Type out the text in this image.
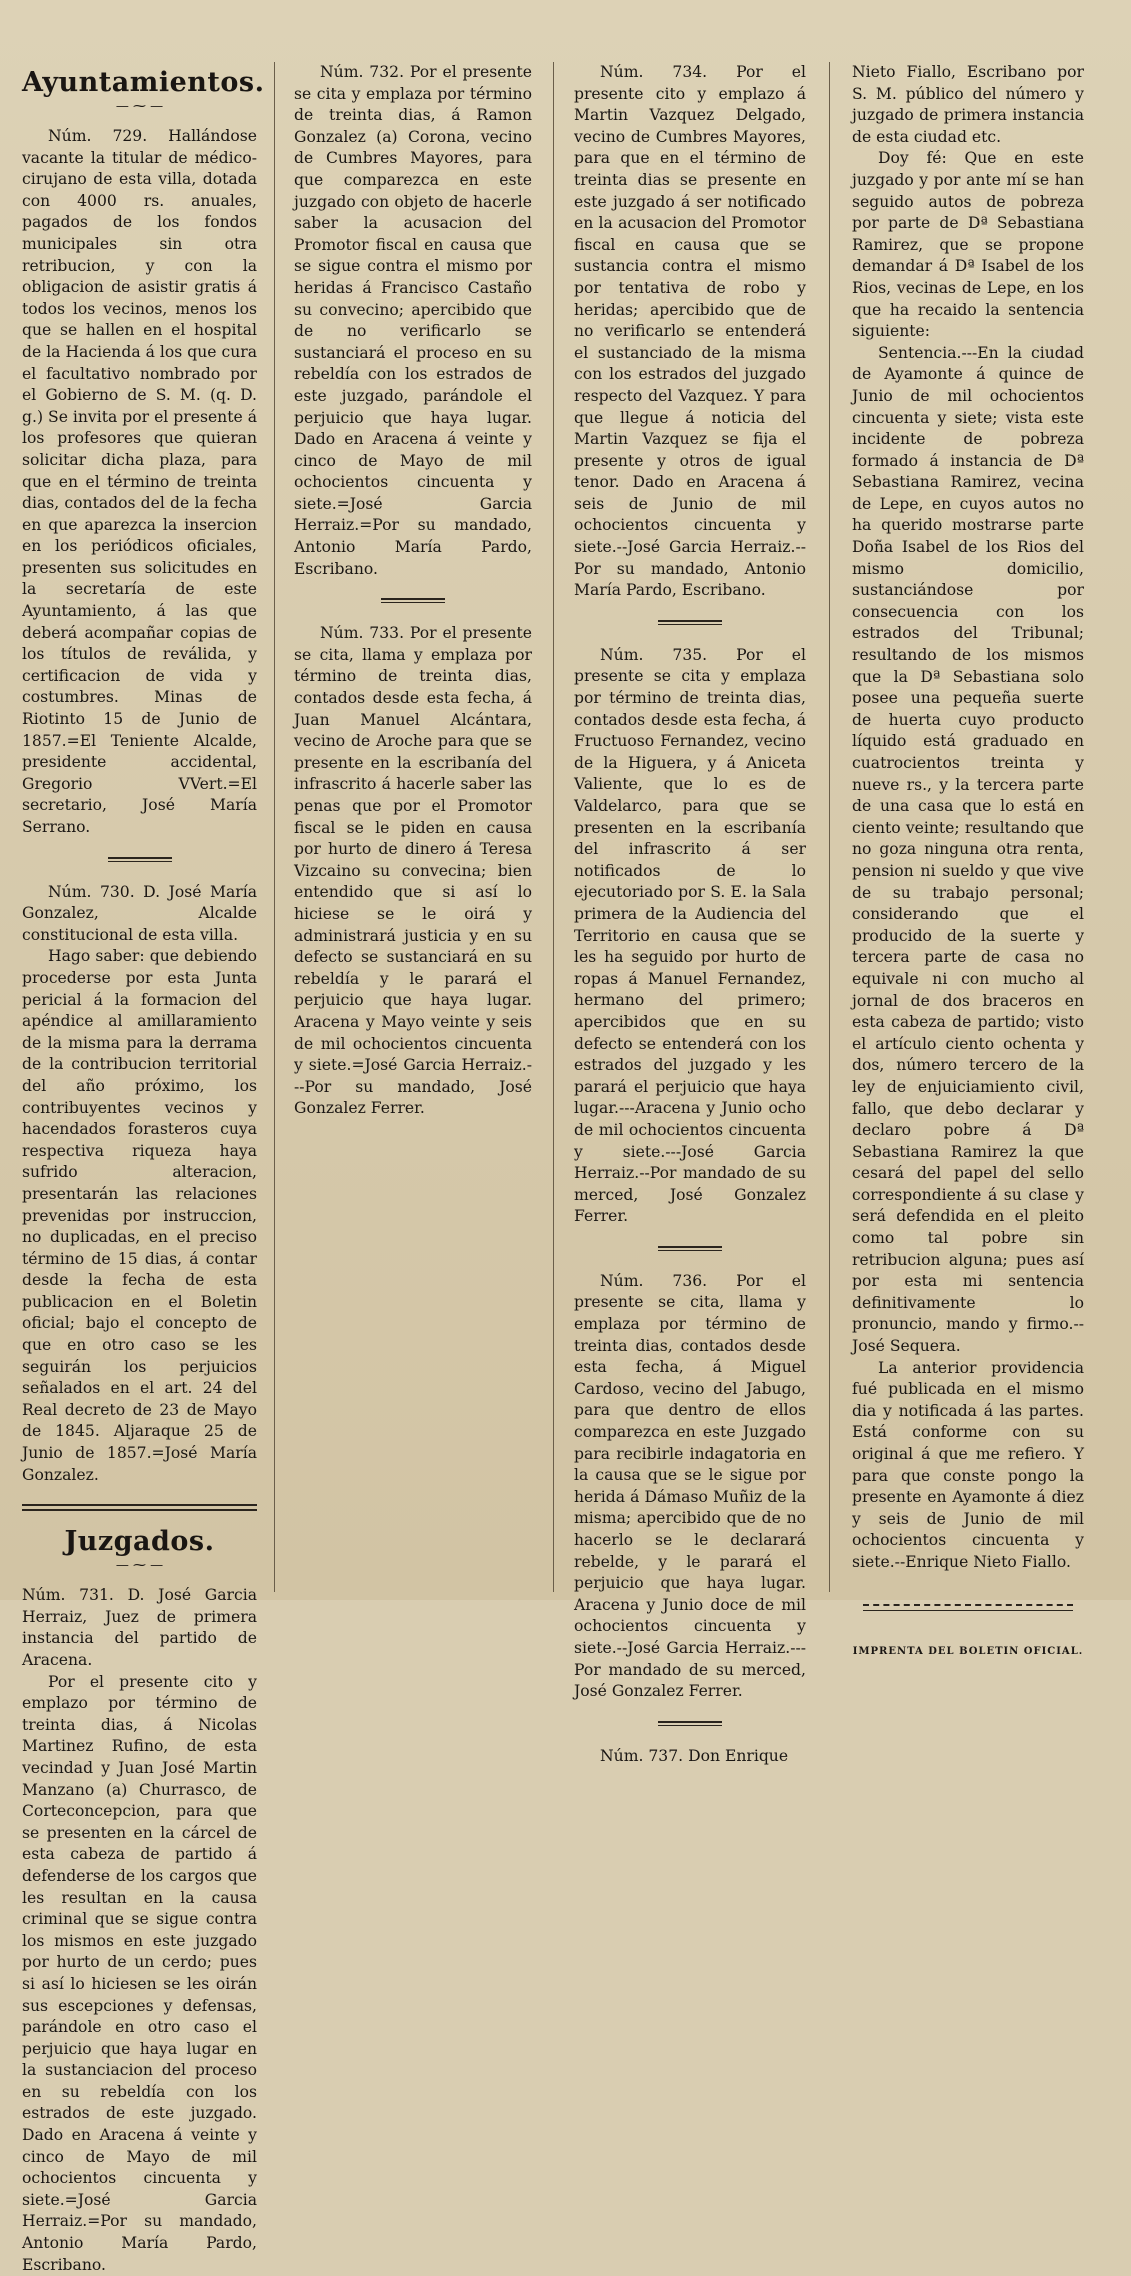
Ayuntamientos.
— ⁓ —

Núm. 729. Hallándose vacante la titular de médico-cirujano de esta villa, dotada con 4000 rs. anuales, pagados de los fondos municipales sin otra retribucion, y con la obligacion de asistir gratis á todos los vecinos, menos los que se hallen en el hospital de la Hacienda á los que cura el facultativo nombrado por el Gobierno de S. M. (q. D. g.) Se invita por el presente á los profesores que quieran solicitar dicha plaza, para que en el término de treinta dias, contados del de la fecha en que aparezca la insercion en los periódicos oficiales, presenten sus solicitudes en la secretaría de este Ayuntamiento, á las que deberá acompañar copias de los títulos de reválida, y certificacion de vida y costumbres. Minas de Riotinto 15 de Junio de 1857.=El Teniente Alcalde, presidente accidental, Gregorio VVert.=El secretario, José María Serrano.

Núm. 730. D. José María Gonzalez, Alcalde constitucional de esta villa.

Hago saber: que debiendo procederse por esta Junta pericial á la formacion del apéndice al amillaramiento de la misma para la derrama de la contribucion territorial del año próximo, los contribuyentes vecinos y hacendados forasteros cuya respectiva riqueza haya sufrido alteracion, presentarán las relaciones prevenidas por instruccion, no duplicadas, en el preciso término de 15 dias, á contar desde la fecha de esta publicacion en el Boletin oficial; bajo el concepto de que en otro caso se les seguirán los perjuicios señalados en el art. 24 del Real decreto de 23 de Mayo de 1845. Aljaraque 25 de Junio de 1857.=José María Gonzalez.

Juzgados.
— ⁓ —

Núm. 731. D. José Garcia Herraiz, Juez de primera instancia del partido de Aracena.

Por el presente cito y emplazo por término de treinta dias, á Nicolas Martinez Rufino, de esta vecindad y Juan José Martin Manzano (a) Churrasco, de Corteconcepcion, para que se presenten en la cárcel de esta cabeza de partido á defenderse de los cargos que les resultan en la causa criminal que se sigue contra los mismos en este juzgado por hurto de un cerdo; pues si así lo hiciesen se les oirán sus escepciones y defensas, parándole en otro caso el perjuicio que haya lugar en la sustanciacion del proceso en su rebeldía con los estrados de este juzgado. Dado en Aracena á veinte y cinco de Mayo de mil ochocientos cincuenta y siete.=José Garcia Herraiz.=Por su mandado, Antonio María Pardo, Escribano.

Núm. 732. Por el presente se cita y emplaza por término de treinta dias, á Ramon Gonzalez (a) Corona, vecino de Cumbres Mayores, para que comparezca en este juzgado con objeto de hacerle saber la acusacion del Promotor fiscal en causa que se sigue contra el mismo por heridas á Francisco Castaño su convecino; apercibido que de no verificarlo se sustanciará el proceso en su rebeldía con los estrados de este juzgado, parándole el perjuicio que haya lugar. Dado en Aracena á veinte y cinco de Mayo de mil ochocientos cincuenta y siete.=José Garcia Herraiz.=Por su mandado, Antonio María Pardo, Escribano.

Núm. 733. Por el presente se cita, llama y emplaza por término de treinta dias, contados desde esta fecha, á Juan Manuel Alcántara, vecino de Aroche para que se presente en la escribanía del infrascrito á hacerle saber las penas que por el Promotor fiscal se le piden en causa por hurto de dinero á Teresa Vizcaino su convecina; bien entendido que si así lo hiciese se le oirá y administrará justicia y en su defecto se sustanciará en su rebeldía y le parará el perjuicio que haya lugar. Aracena y Mayo veinte y seis de mil ochocientos cincuenta y siete.=José Garcia Herraiz.---Por su mandado, José Gonzalez Ferrer.

Núm. 734. Por el presente cito y emplazo á Martin Vazquez Delgado, vecino de Cumbres Mayores, para que en el término de treinta dias se presente en este juzgado á ser notificado en la acusacion del Promotor fiscal en causa que se sustancia contra el mismo por tentativa de robo y heridas; apercibido que de no verificarlo se entenderá el sustanciado de la misma con los estrados del juzgado respecto del Vazquez. Y para que llegue á noticia del Martin Vazquez se fija el presente y otros de igual tenor. Dado en Aracena á seis de Junio de mil ochocientos cincuenta y siete.--José Garcia Herraiz.--Por su mandado, Antonio María Pardo, Escribano.

Núm. 735. Por el presente se cita y emplaza por término de treinta dias, contados desde esta fecha, á Fructuoso Fernandez, vecino de la Higuera, y á Aniceta Valiente, que lo es de Valdelarco, para que se presenten en la escribanía del infrascrito á ser notificados de lo ejecutoriado por S. E. la Sala primera de la Audiencia del Territorio en causa que se les ha seguido por hurto de ropas á Manuel Fernandez, hermano del primero; apercibidos que en su defecto se entenderá con los estrados del juzgado y les parará el perjuicio que haya lugar.---Aracena y Junio ocho de mil ochocientos cincuenta y siete.---José Garcia Herraiz.--Por mandado de su merced, José Gonzalez Ferrer.

Núm. 736. Por el presente se cita, llama y emplaza por término de treinta dias, contados desde esta fecha, á Miguel Cardoso, vecino del Jabugo, para que dentro de ellos comparezca en este Juzgado para recibirle indagatoria en la causa que se le sigue por herida á Dámaso Muñiz de la misma; apercibido que de no hacerlo se le declarará rebelde, y le parará el perjuicio que haya lugar. Aracena y Junio doce de mil ochocientos cincuenta y siete.--José Garcia Herraiz.---Por mandado de su merced, José Gonzalez Ferrer.

Núm. 737. Don Enrique

Nieto Fiallo, Escribano por S. M. público del número y juzgado de primera instancia de esta ciudad etc.

Doy fé: Que en este juzgado y por ante mí se han seguido autos de pobreza por parte de Dª Sebastiana Ramirez, que se propone demandar á Dª Isabel de los Rios, vecinas de Lepe, en los que ha recaido la sentencia siguiente:

Sentencia.---En la ciudad de Ayamonte á quince de Junio de mil ochocientos cincuenta y siete; vista este incidente de pobreza formado á instancia de Dª Sebastiana Ramirez, vecina de Lepe, en cuyos autos no ha querido mostrarse parte Doña Isabel de los Rios del mismo domicilio, sustanciándose por consecuencia con los estrados del Tribunal; resultando de los mismos que la Dª Sebastiana solo posee una pequeña suerte de huerta cuyo producto líquido está graduado en cuatrocientos treinta y nueve rs., y la tercera parte de una casa que lo está en ciento veinte; resultando que no goza ninguna otra renta, pension ni sueldo y que vive de su trabajo personal; considerando que el producido de la suerte y tercera parte de casa no equivale ni con mucho al jornal de dos braceros en esta cabeza de partido; visto el artículo ciento ochenta y dos, número tercero de la ley de enjuiciamiento civil, fallo, que debo declarar y declaro pobre á Dª Sebastiana Ramirez la que cesará del papel del sello correspondiente á su clase y será defendida en el pleito como tal pobre sin retribucion alguna; pues así por esta mi sentencia definitivamente lo pronuncio, mando y firmo.--José Sequera.

La anterior providencia fué publicada en el mismo dia y notificada á las partes. Está conforme con su original á que me refiero. Y para que conste pongo la presente en Ayamonte á diez y seis de Junio de mil ochocientos cincuenta y siete.--Enrique Nieto Fiallo.

IMPRENTA DEL BOLETIN OFICIAL.
